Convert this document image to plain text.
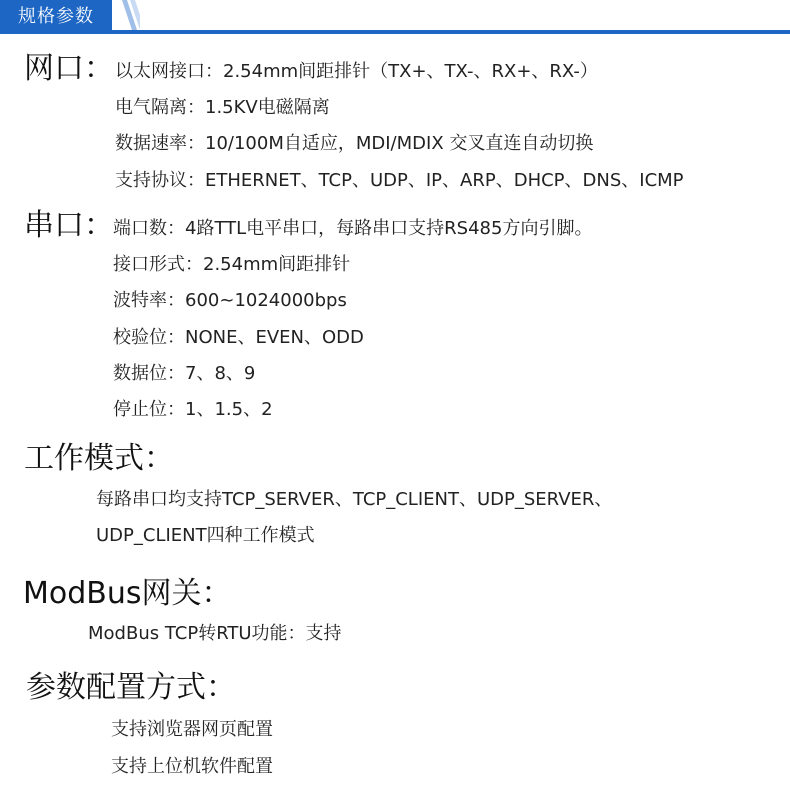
规格参数
网口： 以太网接口：2.54mm间距排针（TX+、TX-、RX+、RX-）
电气隔离：1.5KV电磁隔离
数据速率：10/100M自适应，MDI/MDIX 交叉直连自动切换
支持协议：ETHERNET、TCP、UDP、IP、ARP、DHCP、DNS、ICMP
串口： 端口数：4路TTL电平串口，每路串口支持RS485方向引脚。
接口形式：2.54mm间距排针
波特率：600~1024000bps
校验位：NONE、EVEN、ODD
数据位：7、8、9
停止位：1、1.5、2
工作模式：
每路串口均支持TCP_SERVER、TCP_CLIENT、UDP_SERVER、
UDP_CLIENT四种工作模式
ModBus网关：
ModBus TCP转RTU功能：支持
参数配置方式：
支持浏览器网页配置
支持上位机软件配置
